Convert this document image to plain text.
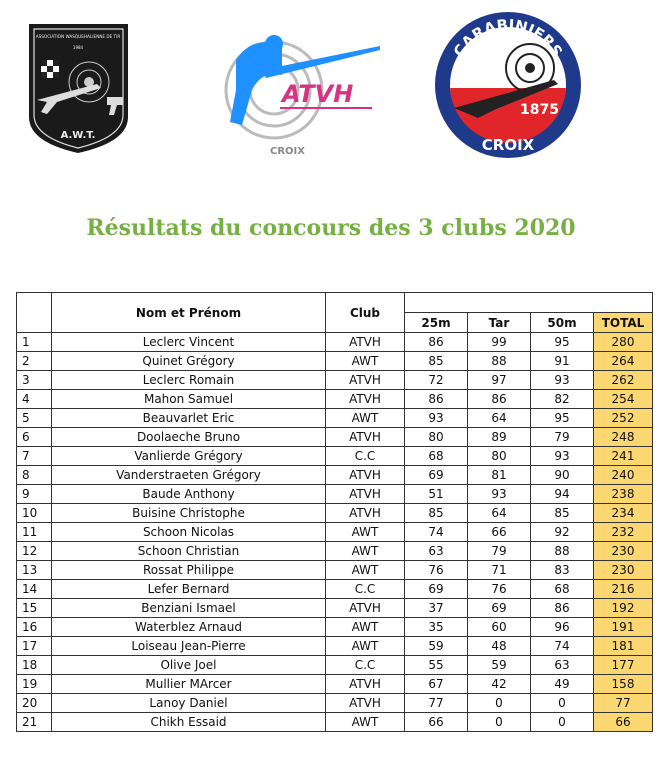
ASSOCIATION WASQUEHALIENNE DE TIR
1984
A.W.T.
ATVH
CROIX
CARABINIERS
1875
CROIX
Résultats du concours des 3 clubs 2020
	Nom et Prénom	Club				
			25m	Tar	50m	TOTAL
1	Leclerc Vincent	ATVH	86	99	95	280
2	Quinet Grégory	AWT	85	88	91	264
3	Leclerc Romain	ATVH	72	97	93	262
4	Mahon Samuel	ATVH	86	86	82	254
5	Beauvarlet Eric	AWT	93	64	95	252
6	Doolaeche Bruno	ATVH	80	89	79	248
7	Vanlierde Grégory	C.C	68	80	93	241
8	Vanderstraeten Grégory	ATVH	69	81	90	240
9	Baude Anthony	ATVH	51	93	94	238
10	Buisine Christophe	ATVH	85	64	85	234
11	Schoon Nicolas	AWT	74	66	92	232
12	Schoon Christian	AWT	63	79	88	230
13	Rossat Philippe	AWT	76	71	83	230
14	Lefer Bernard	C.C	69	76	68	216
15	Benziani Ismael	ATVH	37	69	86	192
16	Waterblez Arnaud	AWT	35	60	96	191
17	Loiseau Jean-Pierre	AWT	59	48	74	181
18	Olive Joel	C.C	55	59	63	177
19	Mullier MArcer	ATVH	67	42	49	158
20	Lanoy Daniel	ATVH	77	0	0	77
21	Chikh Essaid	AWT	66	0	0	66
